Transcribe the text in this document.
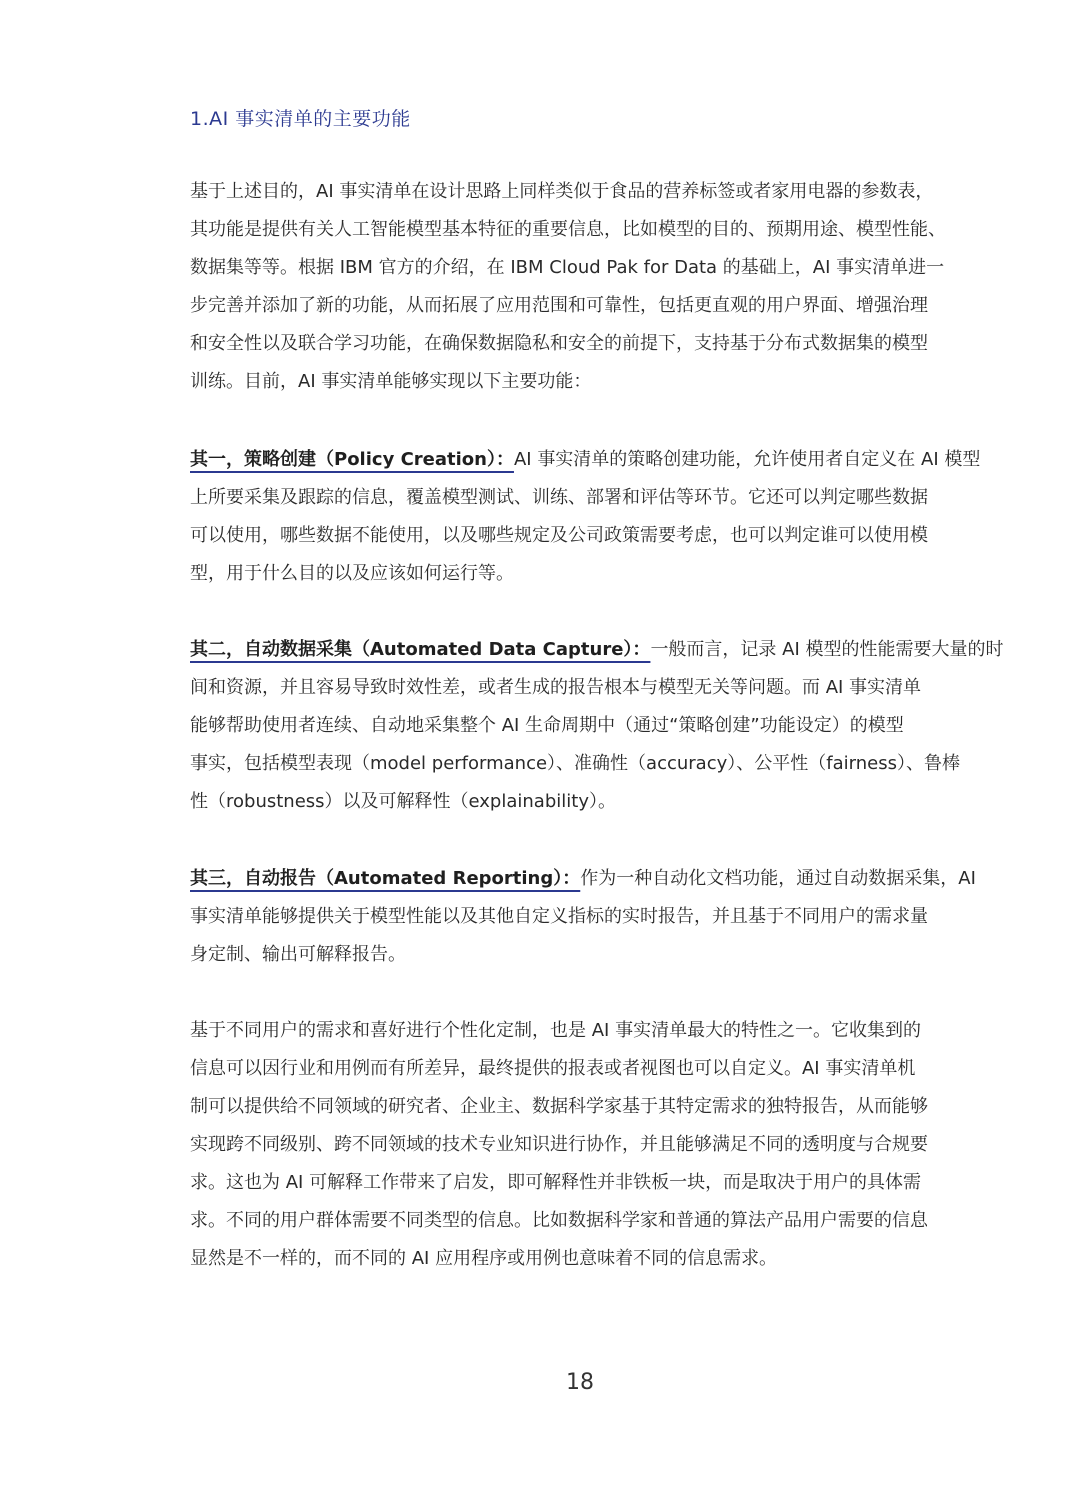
1.AI 事实清单的主要功能

基于上述目的，AI 事实清单在设计思路上同样类似于食品的营养标签或者家用电器的参数表，
其功能是提供有关人工智能模型基本特征的重要信息，比如模型的目的、预期用途、模型性能、
数据集等等。根据 IBM 官方的介绍，在 IBM Cloud Pak for Data 的基础上，AI 事实清单进一
步完善并添加了新的功能，从而拓展了应用范围和可靠性，包括更直观的用户界面、增强治理
和安全性以及联合学习功能，在确保数据隐私和安全的前提下，支持基于分布式数据集的模型
训练。目前，AI 事实清单能够实现以下主要功能：

其一，策略创建（Policy Creation）：AI 事实清单的策略创建功能，允许使用者自定义在 AI 模型
上所要采集及跟踪的信息，覆盖模型测试、训练、部署和评估等环节。它还可以判定哪些数据
可以使用，哪些数据不能使用，以及哪些规定及公司政策需要考虑，也可以判定谁可以使用模
型，用于什么目的以及应该如何运行等。

其二，自动数据采集（Automated Data Capture）：一般而言，记录 AI 模型的性能需要大量的时
间和资源，并且容易导致时效性差，或者生成的报告根本与模型无关等问题。而 AI 事实清单
能够帮助使用者连续、自动地采集整个 AI 生命周期中（通过“策略创建”功能设定）的模型
事实，包括模型表现（model performance）、准确性（accuracy）、公平性（fairness）、鲁棒
性（robustness）以及可解释性（explainability）。

其三，自动报告（Automated Reporting）：作为一种自动化文档功能，通过自动数据采集，AI
事实清单能够提供关于模型性能以及其他自定义指标的实时报告，并且基于不同用户的需求量
身定制、输出可解释报告。

基于不同用户的需求和喜好进行个性化定制，也是 AI 事实清单最大的特性之一。它收集到的
信息可以因行业和用例而有所差异，最终提供的报表或者视图也可以自定义。AI 事实清单机
制可以提供给不同领域的研究者、企业主、数据科学家基于其特定需求的独特报告，从而能够
实现跨不同级别、跨不同领域的技术专业知识进行协作，并且能够满足不同的透明度与合规要
求。这也为 AI 可解释工作带来了启发，即可解释性并非铁板一块，而是取决于用户的具体需
求。不同的用户群体需要不同类型的信息。比如数据科学家和普通的算法产品用户需要的信息
显然是不一样的，而不同的 AI 应用程序或用例也意味着不同的信息需求。

18
